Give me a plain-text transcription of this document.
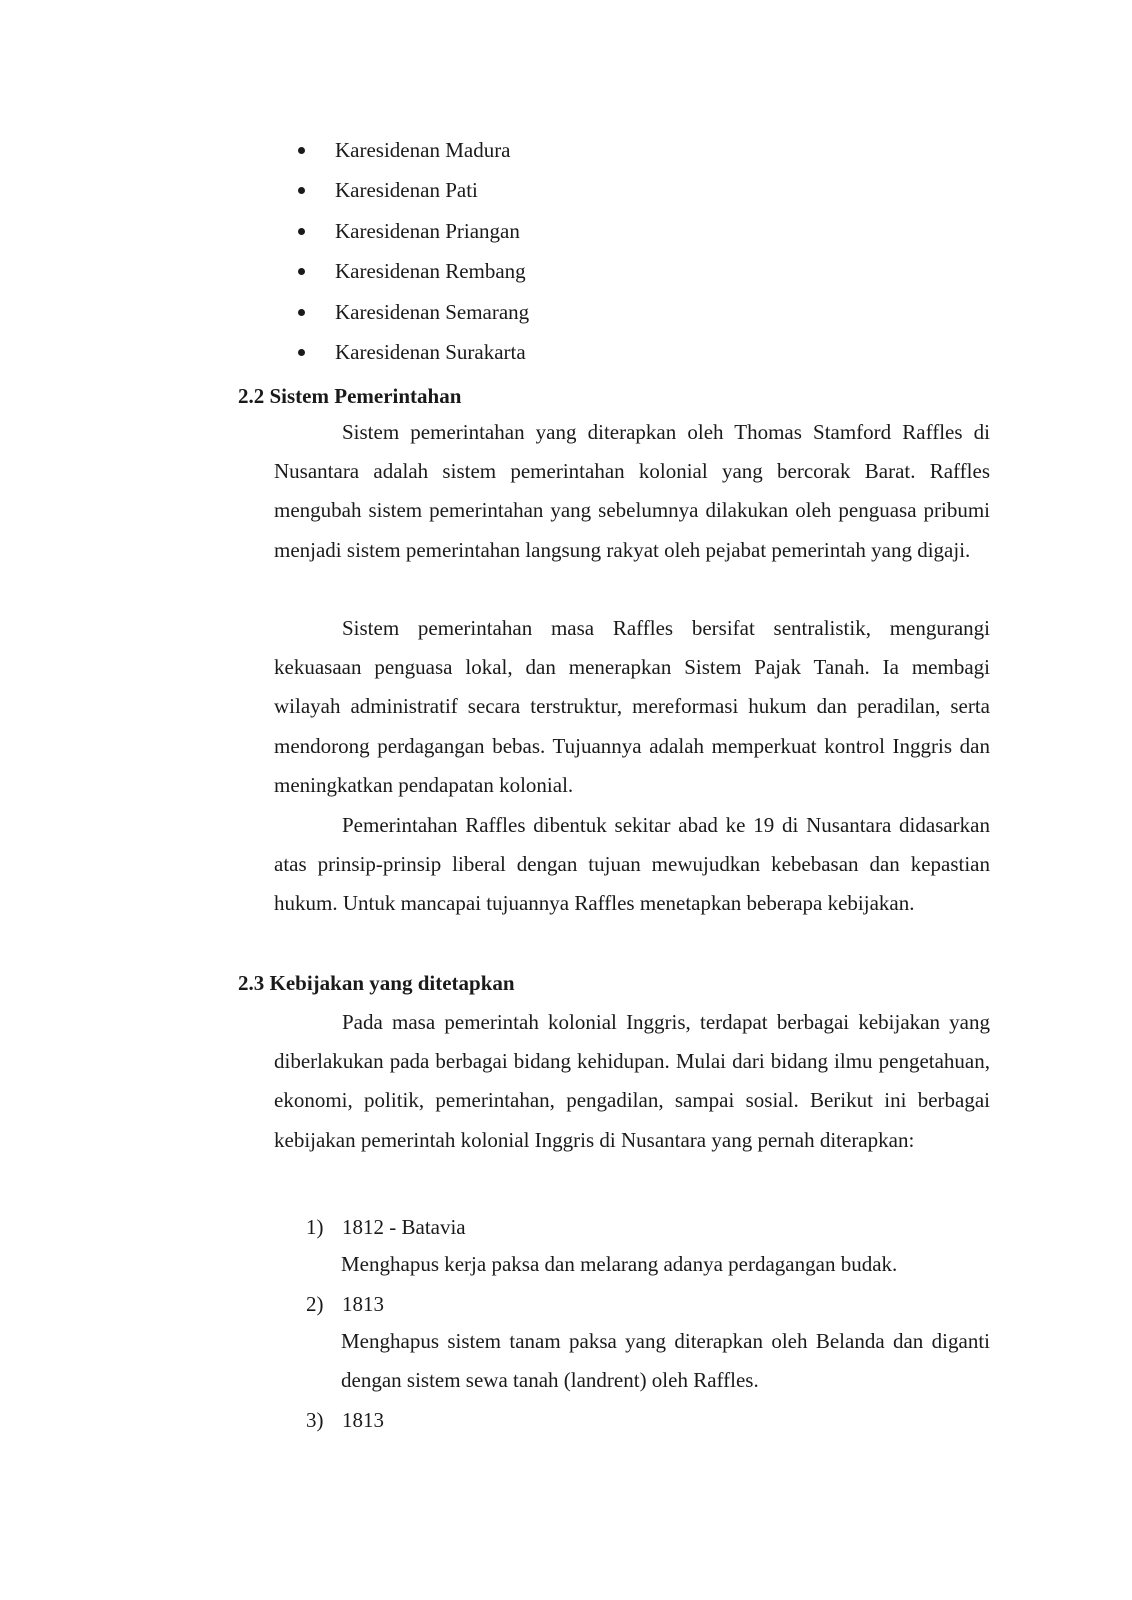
Karesidenan Madura
Karesidenan Pati
Karesidenan Priangan
Karesidenan Rembang
Karesidenan Semarang
Karesidenan Surakarta
2.2 Sistem Pemerintahan

Sistem pemerintahan yang diterapkan oleh Thomas Stamford Raffles di Nusantara adalah sistem pemerintahan kolonial yang bercorak Barat. Raffles mengubah sistem pemerintahan yang sebelumnya dilakukan oleh penguasa pribumi menjadi sistem pemerintahan langsung rakyat oleh pejabat pemerintah yang digaji.

Sistem pemerintahan masa Raffles bersifat sentralistik, mengurangi kekuasaan penguasa lokal, dan menerapkan Sistem Pajak Tanah. Ia membagi wilayah administratif secara terstruktur, mereformasi hukum dan peradilan, serta mendorong perdagangan bebas. Tujuannya adalah memperkuat kontrol Inggris dan meningkatkan pendapatan kolonial.

Pemerintahan Raffles dibentuk sekitar abad ke 19 di Nusantara didasarkan atas prinsip-prinsip liberal dengan tujuan mewujudkan kebebasan dan kepastian hukum. Untuk mancapai tujuannya Raffles menetapkan beberapa kebijakan.

2.3 Kebijakan yang ditetapkan

Pada masa pemerintah kolonial Inggris, terdapat berbagai kebijakan yang diberlakukan pada berbagai bidang kehidupan. Mulai dari bidang ilmu pengetahuan, ekonomi, politik, pemerintahan, pengadilan, sampai sosial. Berikut ini berbagai kebijakan pemerintah kolonial Inggris di Nusantara yang pernah diterapkan:

1) 1812 - Batavia

Menghapus kerja paksa dan melarang adanya perdagangan budak.

2) 1813

Menghapus sistem tanam paksa yang diterapkan oleh Belanda dan diganti dengan sistem sewa tanah (landrent) oleh Raffles.

3) 1813
